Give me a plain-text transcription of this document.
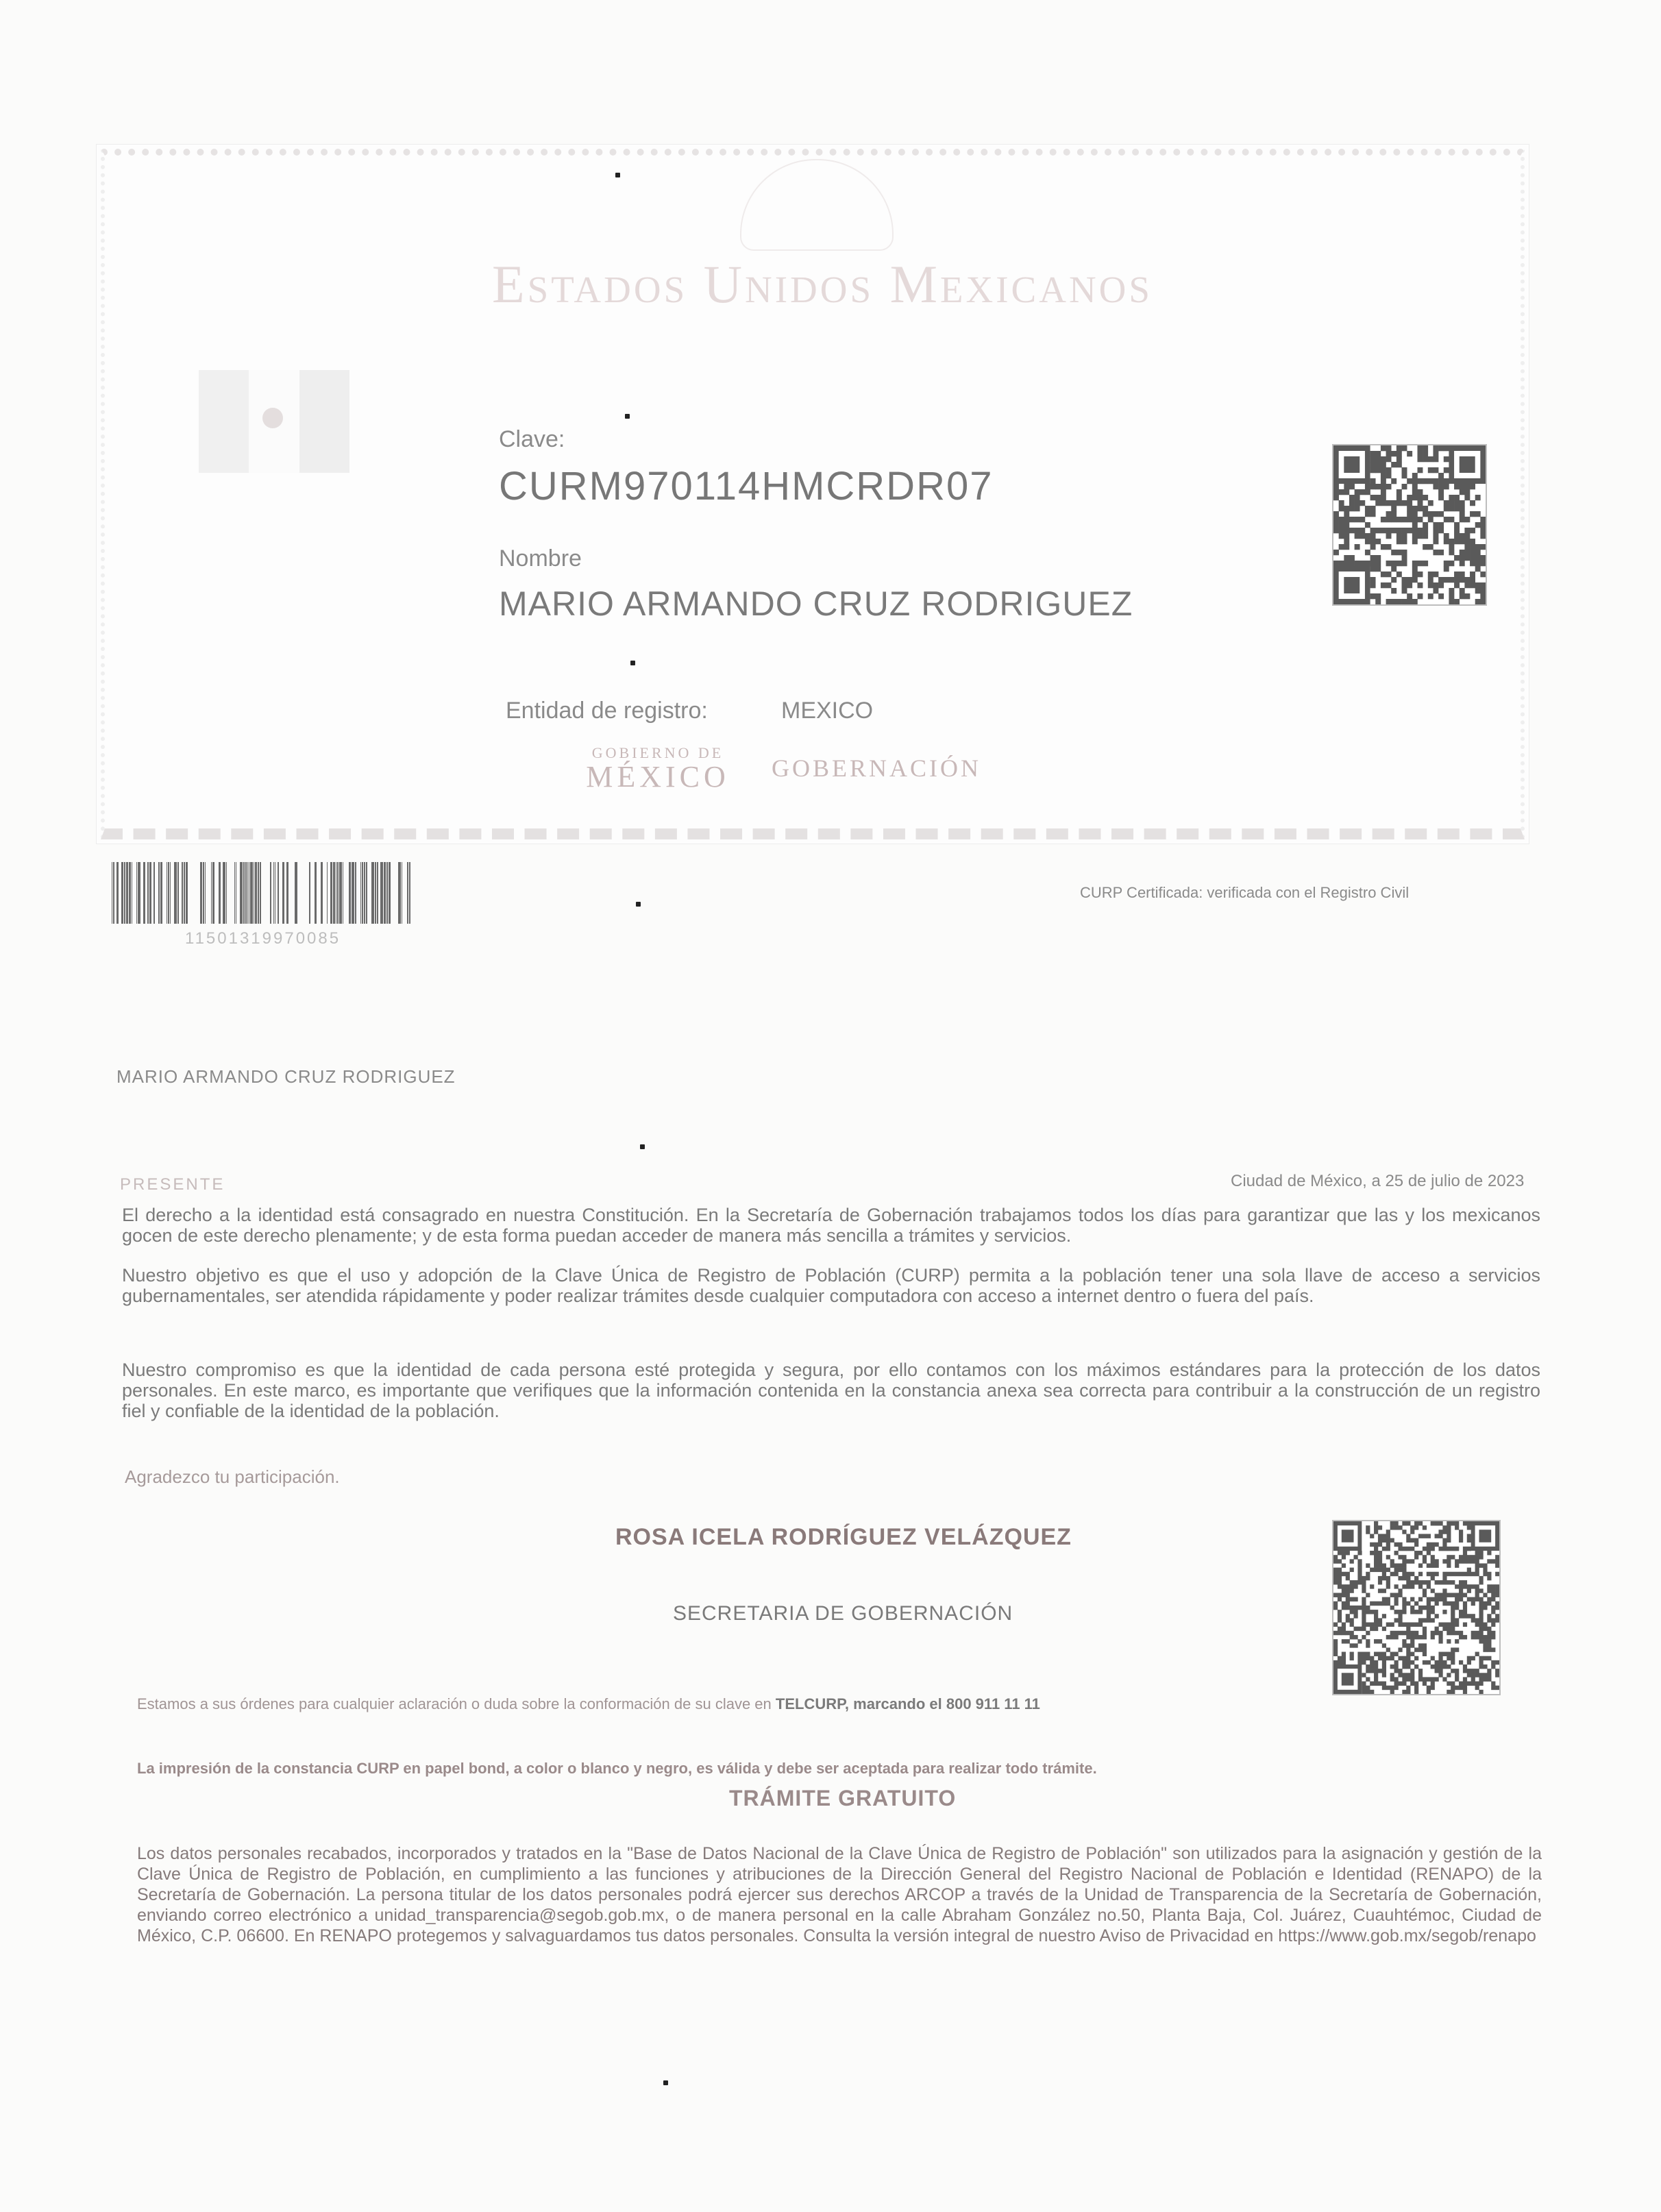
Estados Unidos Mexicanos
Clave:
CURM970114HMCRDR07
Nombre
MARIO ARMANDO CRUZ RODRIGUEZ
Entidad de registro:	MEXICO
GOBIERNO DE
MÉXICO GOBERNACIÓN
11501319970085
CURP Certificada: verificada con el Registro Civil
MARIO ARMANDO CRUZ RODRIGUEZ
PRESENTE	Ciudad de México, a 25 de julio de 2023
El derecho a la identidad está consagrado en nuestra Constitución. En la Secretaría de Gobernación trabajamos todos los días para garantizar que las y los mexicanos gocen de este derecho plenamente; y de esta forma puedan acceder de manera más sencilla a trámites y servicios.
Nuestro objetivo es que el uso y adopción de la Clave Única de Registro de Población (CURP) permita a la población tener una sola llave de acceso a servicios gubernamentales, ser atendida rápidamente y poder realizar trámites desde cualquier computadora con acceso a internet dentro o fuera del país.
Nuestro compromiso es que la identidad de cada persona esté protegida y segura, por ello contamos con los máximos estándares para la protección de los datos personales. En este marco, es importante que verifiques que la información contenida en la constancia anexa sea correcta para contribuir a la construcción de un registro fiel y confiable de la identidad de la población.
Agradezco tu participación.
ROSA ICELA RODRÍGUEZ VELÁZQUEZ
SECRETARIA DE GOBERNACIÓN
Estamos a sus órdenes para cualquier aclaración o duda sobre la conformación de su clave en TELCURP, marcando el 800 911 11 11
La impresión de la constancia CURP en papel bond, a color o blanco y negro, es válida y debe ser aceptada para realizar todo trámite.
TRÁMITE GRATUITO
Los datos personales recabados, incorporados y tratados en la "Base de Datos Nacional de la Clave Única de Registro de Población" son utilizados para la asignación y gestión de la Clave Única de Registro de Población, en cumplimiento a las funciones y atribuciones de la Dirección General del Registro Nacional de Población e Identidad (RENAPO) de la Secretaría de Gobernación. La persona titular de los datos personales podrá ejercer sus derechos ARCOP a través de la Unidad de Transparencia de la Secretaría de Gobernación, enviando correo electrónico a unidad_transparencia@segob.gob.mx, o de manera personal en la calle Abraham González no.50, Planta Baja, Col. Juárez, Cuauhtémoc, Ciudad de México, C.P. 06600. En RENAPO protegemos y salvaguardamos tus datos personales. Consulta la versión integral de nuestro Aviso de Privacidad en https://www.gob.mx/segob/renapo
